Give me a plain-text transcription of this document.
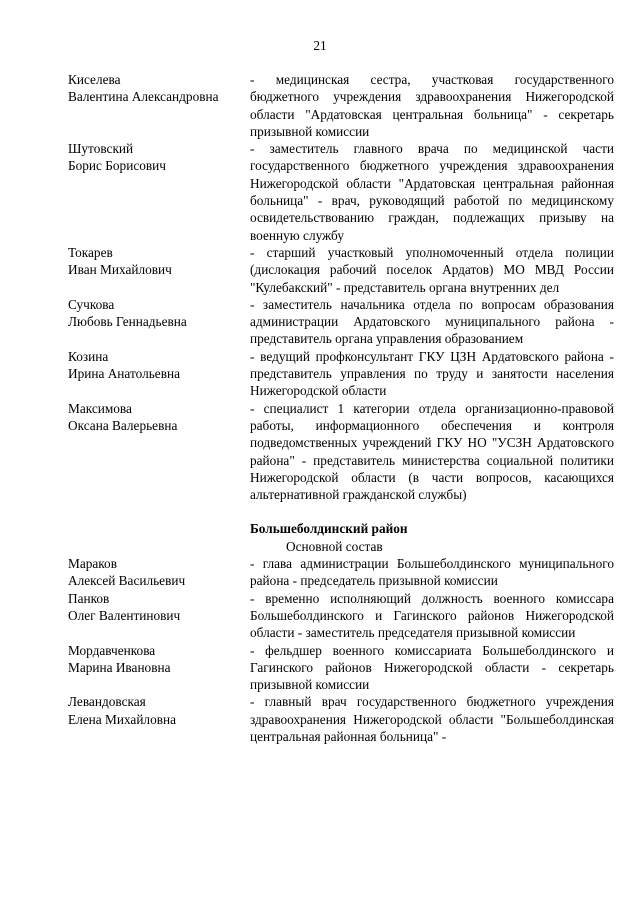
21
Киселева
Валентина Александровна
- медицинская сестра, участковая государственного бюджетного учреждения здравоохранения Нижегородской области "Ардатовская центральная больница" - секретарь призывной комиссии
Шутовский
Борис Борисович
- заместитель главного врача по медицинской части государственного бюджетного учреждения здравоохранения Нижегородской области "Ардатовская центральная районная больница" - врач, руководящий работой по медицинскому освидетельствованию граждан, подлежащих призыву на военную службу
Токарев
Иван Михайлович
- старший участковый уполномоченный отдела полиции (дислокация рабочий поселок Ардатов) МО МВД России "Кулебакский" - представитель органа внутренних дел
Сучкова
Любовь Геннадьевна
- заместитель начальника отдела по вопросам образования администрации Ардатовского муниципального района - представитель органа управления образованием
Козина
Ирина Анатольевна
- ведущий профконсультант ГКУ ЦЗН Ардатовского района - представитель управления по труду и занятости населения Нижегородской области
Максимова
Оксана Валерьевна
- специалист 1 категории отдела организационно-правовой работы, информационного обеспечения и контроля подведомственных учреждений ГКУ НО "УСЗН Ардатовского района" - представитель министерства социальной политики Нижегородской области (в части вопросов, касающихся альтернативной гражданской службы)
Большеболдинский район
Основной состав
Мараков
Алексей Васильевич
- глава администрации Большеболдинского муниципального района - председатель призывной комиссии
Панков
Олег Валентинович
- временно исполняющий должность военного комиссара Большеболдинского и Гагинского районов Нижегородской области - заместитель председателя призывной комиссии
Мордавченкова
Марина Ивановна
- фельдшер военного комиссариата Большеболдинского и Гагинского районов Нижегородской области - секретарь призывной комиссии
Левандовская
Елена Михайловна
- главный врач государственного бюджетного учреждения здравоохранения Нижегородской области "Большеболдинская центральная районная больница" -
